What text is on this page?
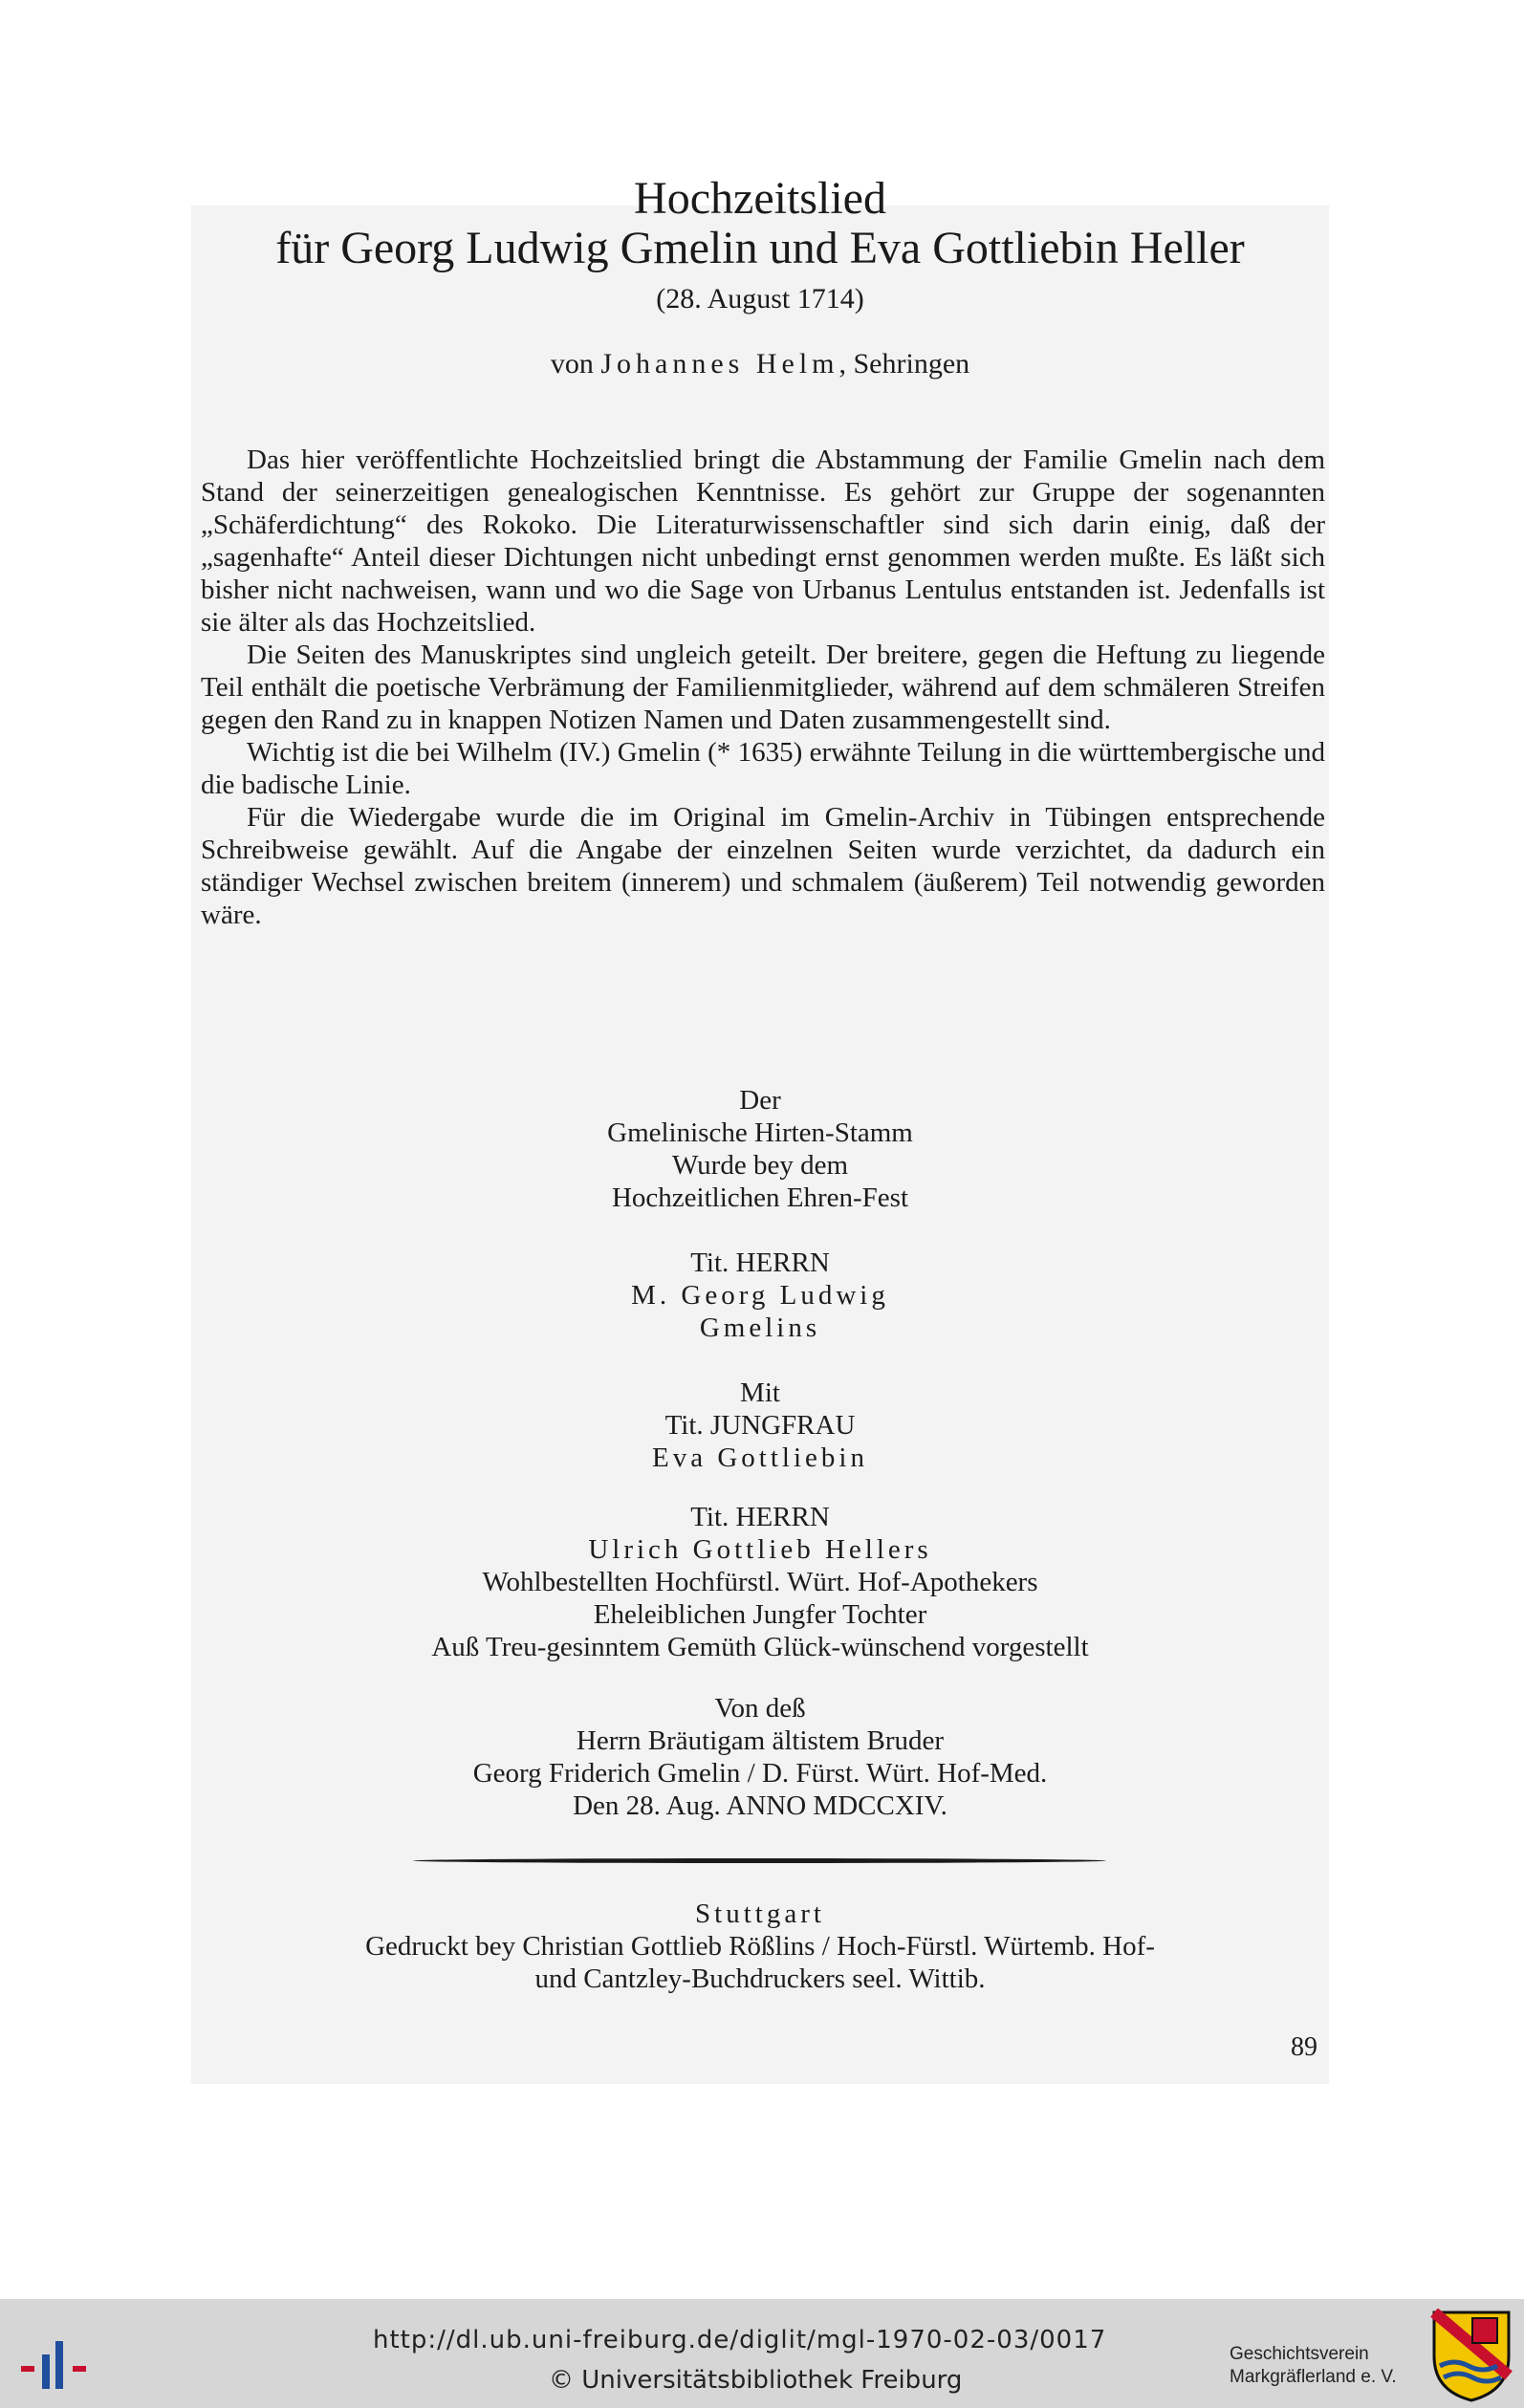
Hochzeitslied
für Georg Ludwig Gmelin und Eva Gottliebin Heller
(28. August 1714)
von Johannes Helm, Sehringen

Das hier veröffentlichte Hochzeitslied bringt die Abstammung der Familie Gmelin nach dem Stand der seinerzeitigen genealogischen Kenntnisse. Es gehört zur Gruppe der sogenannten „Schäferdichtung“ des Rokoko. Die Literaturwissenschaftler sind sich darin einig, daß der „sagenhafte“ Anteil dieser Dichtungen nicht unbedingt ernst genommen werden mußte. Es läßt sich bisher nicht nachweisen, wann und wo die Sage von Urbanus Lentulus entstanden ist. Jedenfalls ist sie älter als das Hochzeitslied.

Die Seiten des Manuskriptes sind ungleich geteilt. Der breitere, gegen die Heftung zu liegende Teil enthält die poetische Verbrämung der Familienmitglieder, während auf dem schmäleren Streifen gegen den Rand zu in knappen Notizen Namen und Daten zusammengestellt sind.

Wichtig ist die bei Wilhelm (IV.) Gmelin (* 1635) erwähnte Teilung in die württembergische und die badische Linie.

Für die Wiedergabe wurde die im Original im Gmelin-Archiv in Tübingen entsprechende Schreibweise gewählt. Auf die Angabe der einzelnen Seiten wurde verzichtet, da dadurch ein ständiger Wechsel zwischen breitem (innerem) und schmalem (äußerem) Teil notwendig geworden wäre.

Der
Gmelinische Hirten-Stamm
Wurde bey dem
Hochzeitlichen Ehren-Fest
Tit. HERRN
M. Georg Ludwig
Gmelins
Mit
Tit. JUNGFRAU
Eva Gottliebin
Tit. HERRN
Ulrich Gottlieb Hellers
Wohlbestellten Hochfürstl. Würt. Hof-Apothekers
Eheleiblichen Jungfer Tochter
Auß Treu-gesinntem Gemüth Glück-wünschend vorgestellt
Von deß
Herrn Bräutigam ältistem Bruder
Georg Friderich Gmelin / D. Fürst. Würt. Hof-Med.
Den 28. Aug. ANNO MDCCXIV.
Stuttgart
Gedruckt bey Christian Gottlieb Rößlins / Hoch-Fürstl. Würtemb. Hof-
und Cantzley-Buchdruckers seel. Wittib.
89
http://dl.ub.uni-freiburg.de/diglit/mgl-1970-02-03/0017
© Universitätsbibliothek Freiburg
Geschichtsverein
Markgräflerland e. V.
